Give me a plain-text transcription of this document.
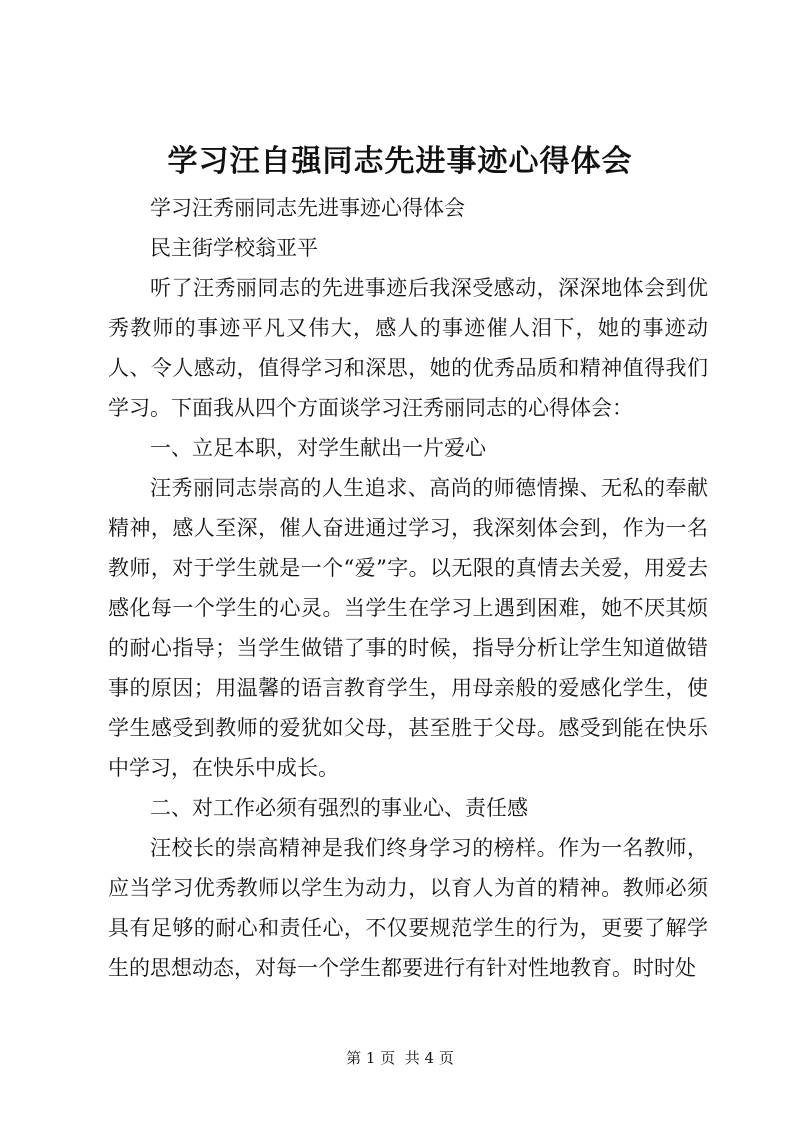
学习汪自强同志先进事迹心得体会

学习汪秀丽同志先进事迹心得体会

民主街学校翁亚平

听了汪秀丽同志的先进事迹后我深受感动，深深地体会到优秀教师的事迹平凡又伟大，感人的事迹催人泪下，她的事迹动人、令人感动，值得学习和深思，她的优秀品质和精神值得我们学习。下面我从四个方面谈学习汪秀丽同志的心得体会：

一、立足本职，对学生献出一片爱心

汪秀丽同志崇高的人生追求、高尚的师德情操、无私的奉献精神，感人至深，催人奋进通过学习，我深刻体会到，作为一名教师，对于学生就是一个“爱”字。以无限的真情去关爱，用爱去感化每一个学生的心灵。当学生在学习上遇到困难，她不厌其烦的耐心指导；当学生做错了事的时候，指导分析让学生知道做错事的原因；用温馨的语言教育学生，用母亲般的爱感化学生，使学生感受到教师的爱犹如父母，甚至胜于父母。感受到能在快乐中学习，在快乐中成长。

二、对工作必须有强烈的事业心、责任感

汪校长的崇高精神是我们终身学习的榜样。作为一名教师，应当学习优秀教师以学生为动力，以育人为首的精神。教师必须具有足够的耐心和责任心，不仅要规范学生的行为，更要了解学生的思想动态，对每一个学生都要进行有针对性地教育。时时处

第 1 页  共 4 页
